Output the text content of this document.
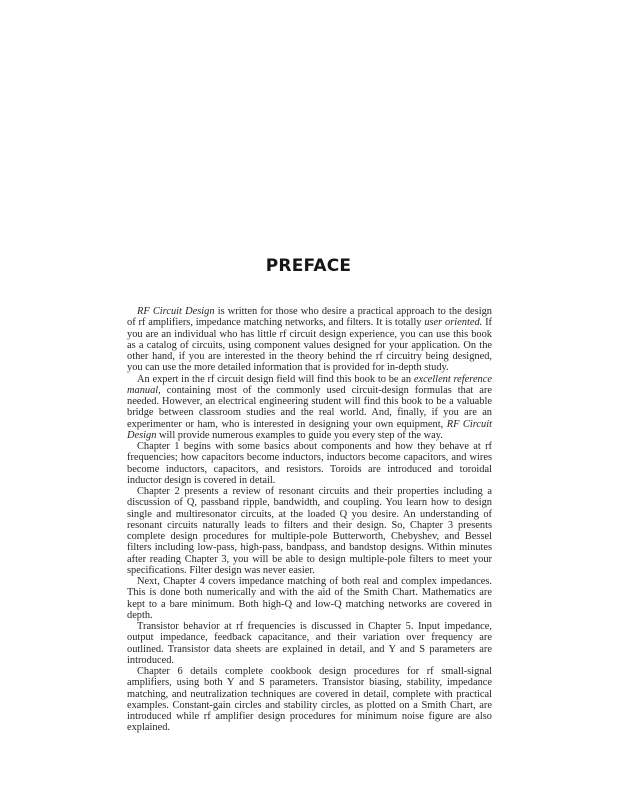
PREFACE

RF Circuit Design is written for those who desire a practical approach to the design of rf amplifiers, impedance matching networks, and filters. It is totally user oriented. If you are an individual who has little rf circuit design experience, you can use this book as a catalog of circuits, using component values designed for your application. On the other hand, if you are interested in the theory behind the rf circuitry being designed, you can use the more detailed information that is provided for in-depth study.

An expert in the rf circuit design field will find this book to be an excellent reference manual, containing most of the commonly used circuit-design formulas that are needed. However, an electrical engineering student will find this book to be a valuable bridge between classroom studies and the real world. And, finally, if you are an experimenter or ham, who is interested in designing your own equipment, RF Circuit Design will provide numerous examples to guide you every step of the way.

Chapter 1 begins with some basics about components and how they behave at rf frequencies; how capacitors become inductors, inductors become capacitors, and wires become inductors, capacitors, and resistors. Toroids are introduced and toroidal inductor design is covered in detail.

Chapter 2 presents a review of resonant circuits and their properties including a discussion of Q, passband ripple, bandwidth, and coupling. You learn how to design single and multiresonator circuits, at the loaded Q you desire. An understanding of resonant circuits naturally leads to filters and their design. So, Chapter 3 presents complete design procedures for multiple-pole Butterworth, Chebyshev, and Bessel filters including low-pass, high-pass, bandpass, and bandstop designs. Within minutes after reading Chapter 3, you will be able to design multiple-pole filters to meet your specifications. Filter design was never easier.

Next, Chapter 4 covers impedance matching of both real and complex impedances. This is done both numerically and with the aid of the Smith Chart. Mathematics are kept to a bare minimum. Both high-Q and low-Q matching networks are covered in depth.

Transistor behavior at rf frequencies is discussed in Chapter 5. Input impedance, output impedance, feedback capacitance, and their variation over frequency are outlined. Transistor data sheets are explained in detail, and Y and S parameters are introduced.

Chapter 6 details complete cookbook design procedures for rf small-signal amplifiers, using both Y and S parameters. Transistor biasing, stability, impedance matching, and neutralization techniques are covered in detail, complete with practical examples. Constant-gain circles and stability circles, as plotted on a Smith Chart, are introduced while rf amplifier design procedures for minimum noise figure are also explained.
